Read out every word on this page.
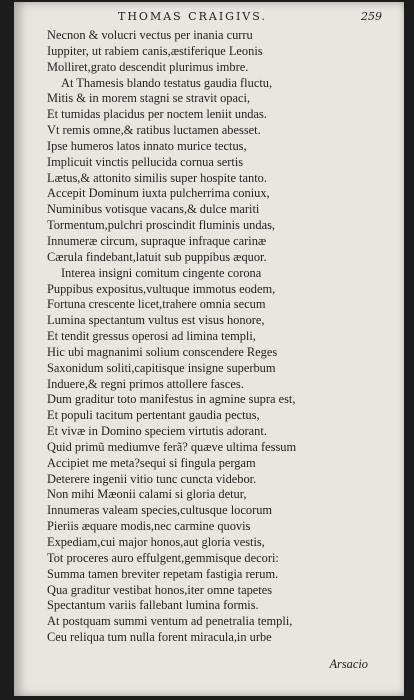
THOMAS CRAIGIVS.	259
Necnon & volucri vectus per inania curru
Iuppiter, ut rabiem canis,æstiferique Leonis
Molliret,grato descendit plurimus imbre.
At Thamesis blando testatus gaudia fluctu,
Mitis & in morem stagni se stravit opaci,
Et tumidas placidus per noctem leniit undas.
Vt remis omne,& ratibus luctamen abesset.
Ipse humeros latos innato murice tectus,
Implicuit vinctis pellucida cornua sertis
Lætus,& attonito similis super hospite tanto.
Accepit Dominum iuxta pulcherrima coniux,
Numinibus votisque vacans,& dulce mariti
Tormentum,pulchri proscindit fluminis undas,
Innumeræ circum, supraque infraque carinæ
Cærula findebant,latuit sub puppibus æquor.
Interea insigni comitum cingente corona
Puppibus expositus,vultuque immotus eodem,
Fortuna crescente licet,trahere omnia secum
Lumina spectantum vultus est visus honore,
Et tendit gressus operosi ad limina templi,
Hic ubi magnanimi solium conscendere Reges
Saxonidum soliti,capitisque insigne superbum
Induere,& regni primos attollere fasces.
Dum graditur toto manifestus in agmine supra est,
Et populi tacitum pertentant gaudia pectus,
Et vivæ in Domino speciem virtutis adorant.
Quid primũ mediumve ferã? quæve ultima fessum
Accipiet me meta?sequi si fingula pergam
Deterere ingenii vitio tunc cuncta videbor.
Non mihi Mæonii calami si gloria detur,
Innumeras valeam species,cultusque locorum
Pieriis æquare modis,nec carmine quovis
Expediam,cui major honos,aut gloria vestis,
Tot proceres auro effulgent,gemmisque decori:
Summa tamen breviter repetam fastigia rerum.
Qua graditur vestibat honos,iter omne tapetes
Spectantum variis fallebant lumina formis.
At postquam summi ventum ad penetralia templi,
Ceu reliqua tum nulla forent miracula,in urbe
Arsacio
